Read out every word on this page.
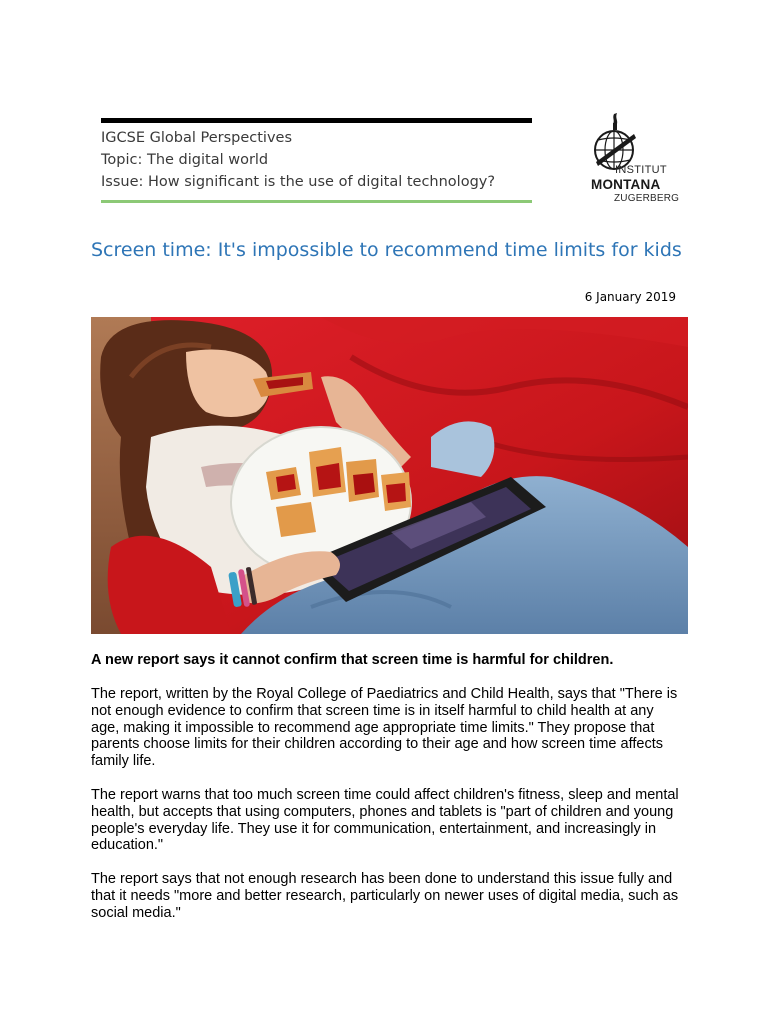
IGCSE Global Perspectives
Topic: The digital world
Issue: How significant is the use of digital technology?
INSTITUT
MONTANA
ZUGERBERG
Screen time: It's impossible to recommend time limits for kids
6 January 2019

A new report says it cannot confirm that screen time is harmful for children.

The report, written by the Royal College of Paediatrics and Child Health, says that "There is not enough evidence to confirm that screen time is in itself harmful to child health at any age, making it impossible to recommend age appropriate time limits." They propose that parents choose limits for their children according to their age and how screen time affects family life.

The report warns that too much screen time could affect children's fitness, sleep and mental health, but accepts that using computers, phones and tablets is "part of children and young people's everyday life. They use it for communication, entertainment, and increasingly in education."

The report says that not enough research has been done to understand this issue fully and that it needs "more and better research, particularly on newer uses of digital media, such as social media."
